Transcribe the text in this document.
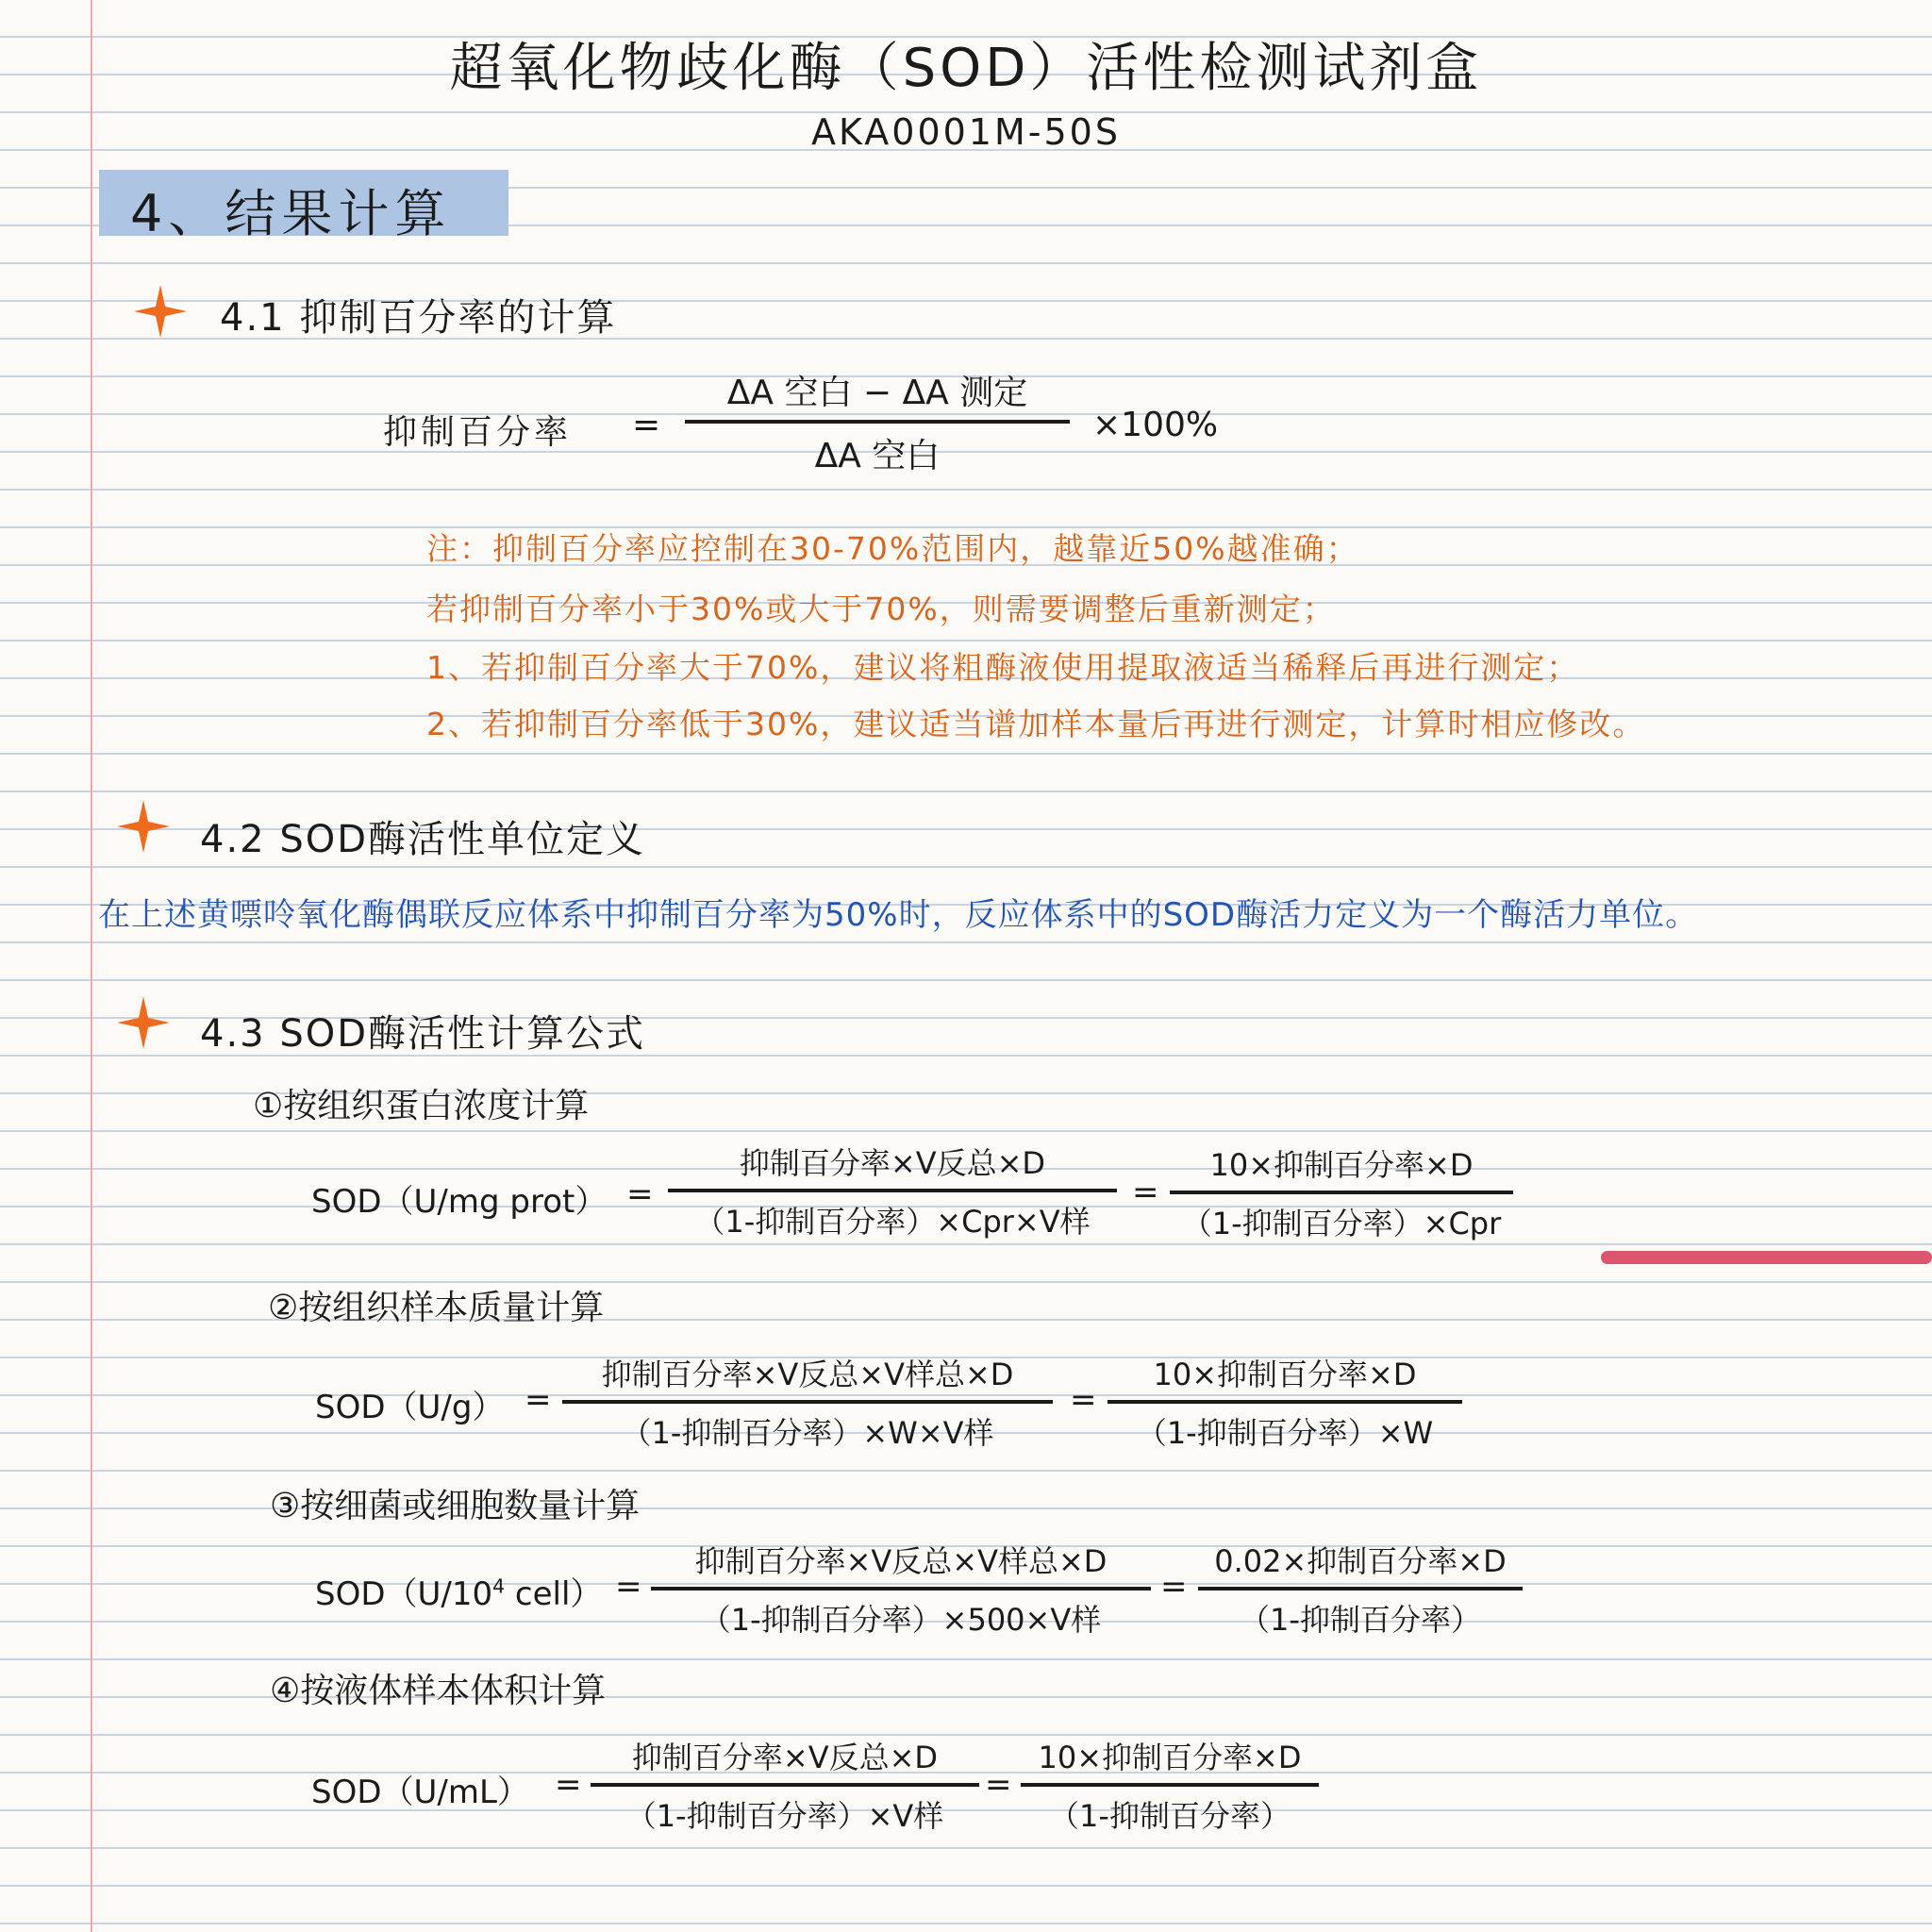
超氧化物歧化酶（SOD）活性检测试剂盒
AKA0001M-50S
4、结果计算
4.1 抑制百分率的计算
抑制百分率 =
ΔA 空白 − ΔA 测定
ΔA 空白
×100%
注：抑制百分率应控制在30-70%范围内，越靠近50%越准确；
若抑制百分率小于30%或大于70%，则需要调整后重新测定；
1、若抑制百分率大于70%，建议将粗酶液使用提取液适当稀释后再进行测定；
2、若抑制百分率低于30%，建议适当谱加样本量后再进行测定，计算时相应修改。
4.2 SOD酶活性单位定义
在上述黄嘌呤氧化酶偶联反应体系中抑制百分率为50%时，反应体系中的SOD酶活力定义为一个酶活力单位。
4.3 SOD酶活性计算公式
①按组织蛋白浓度计算
SOD（U/mg prot） =
抑制百分率×V反总×D
（1-抑制百分率）×Cpr×V样
=
10×抑制百分率×D
（1-抑制百分率）×Cpr
②按组织样本质量计算
SOD（U/g） =
抑制百分率×V反总×V样总×D
（1-抑制百分率）×W×V样
=
10×抑制百分率×D
（1-抑制百分率）×W
③按细菌或细胞数量计算
$SOD(U/10^4$ cell） =
抑制百分率×V反总×V样总×D
（1-抑制百分率）×500×V样
=
0.02×抑制百分率×D
（1-抑制百分率）
④按液体样本体积计算
SOD（U/mL） =
抑制百分率×V反总×D
（1-抑制百分率）×V样
=
10×抑制百分率×D
（1-抑制百分率）
